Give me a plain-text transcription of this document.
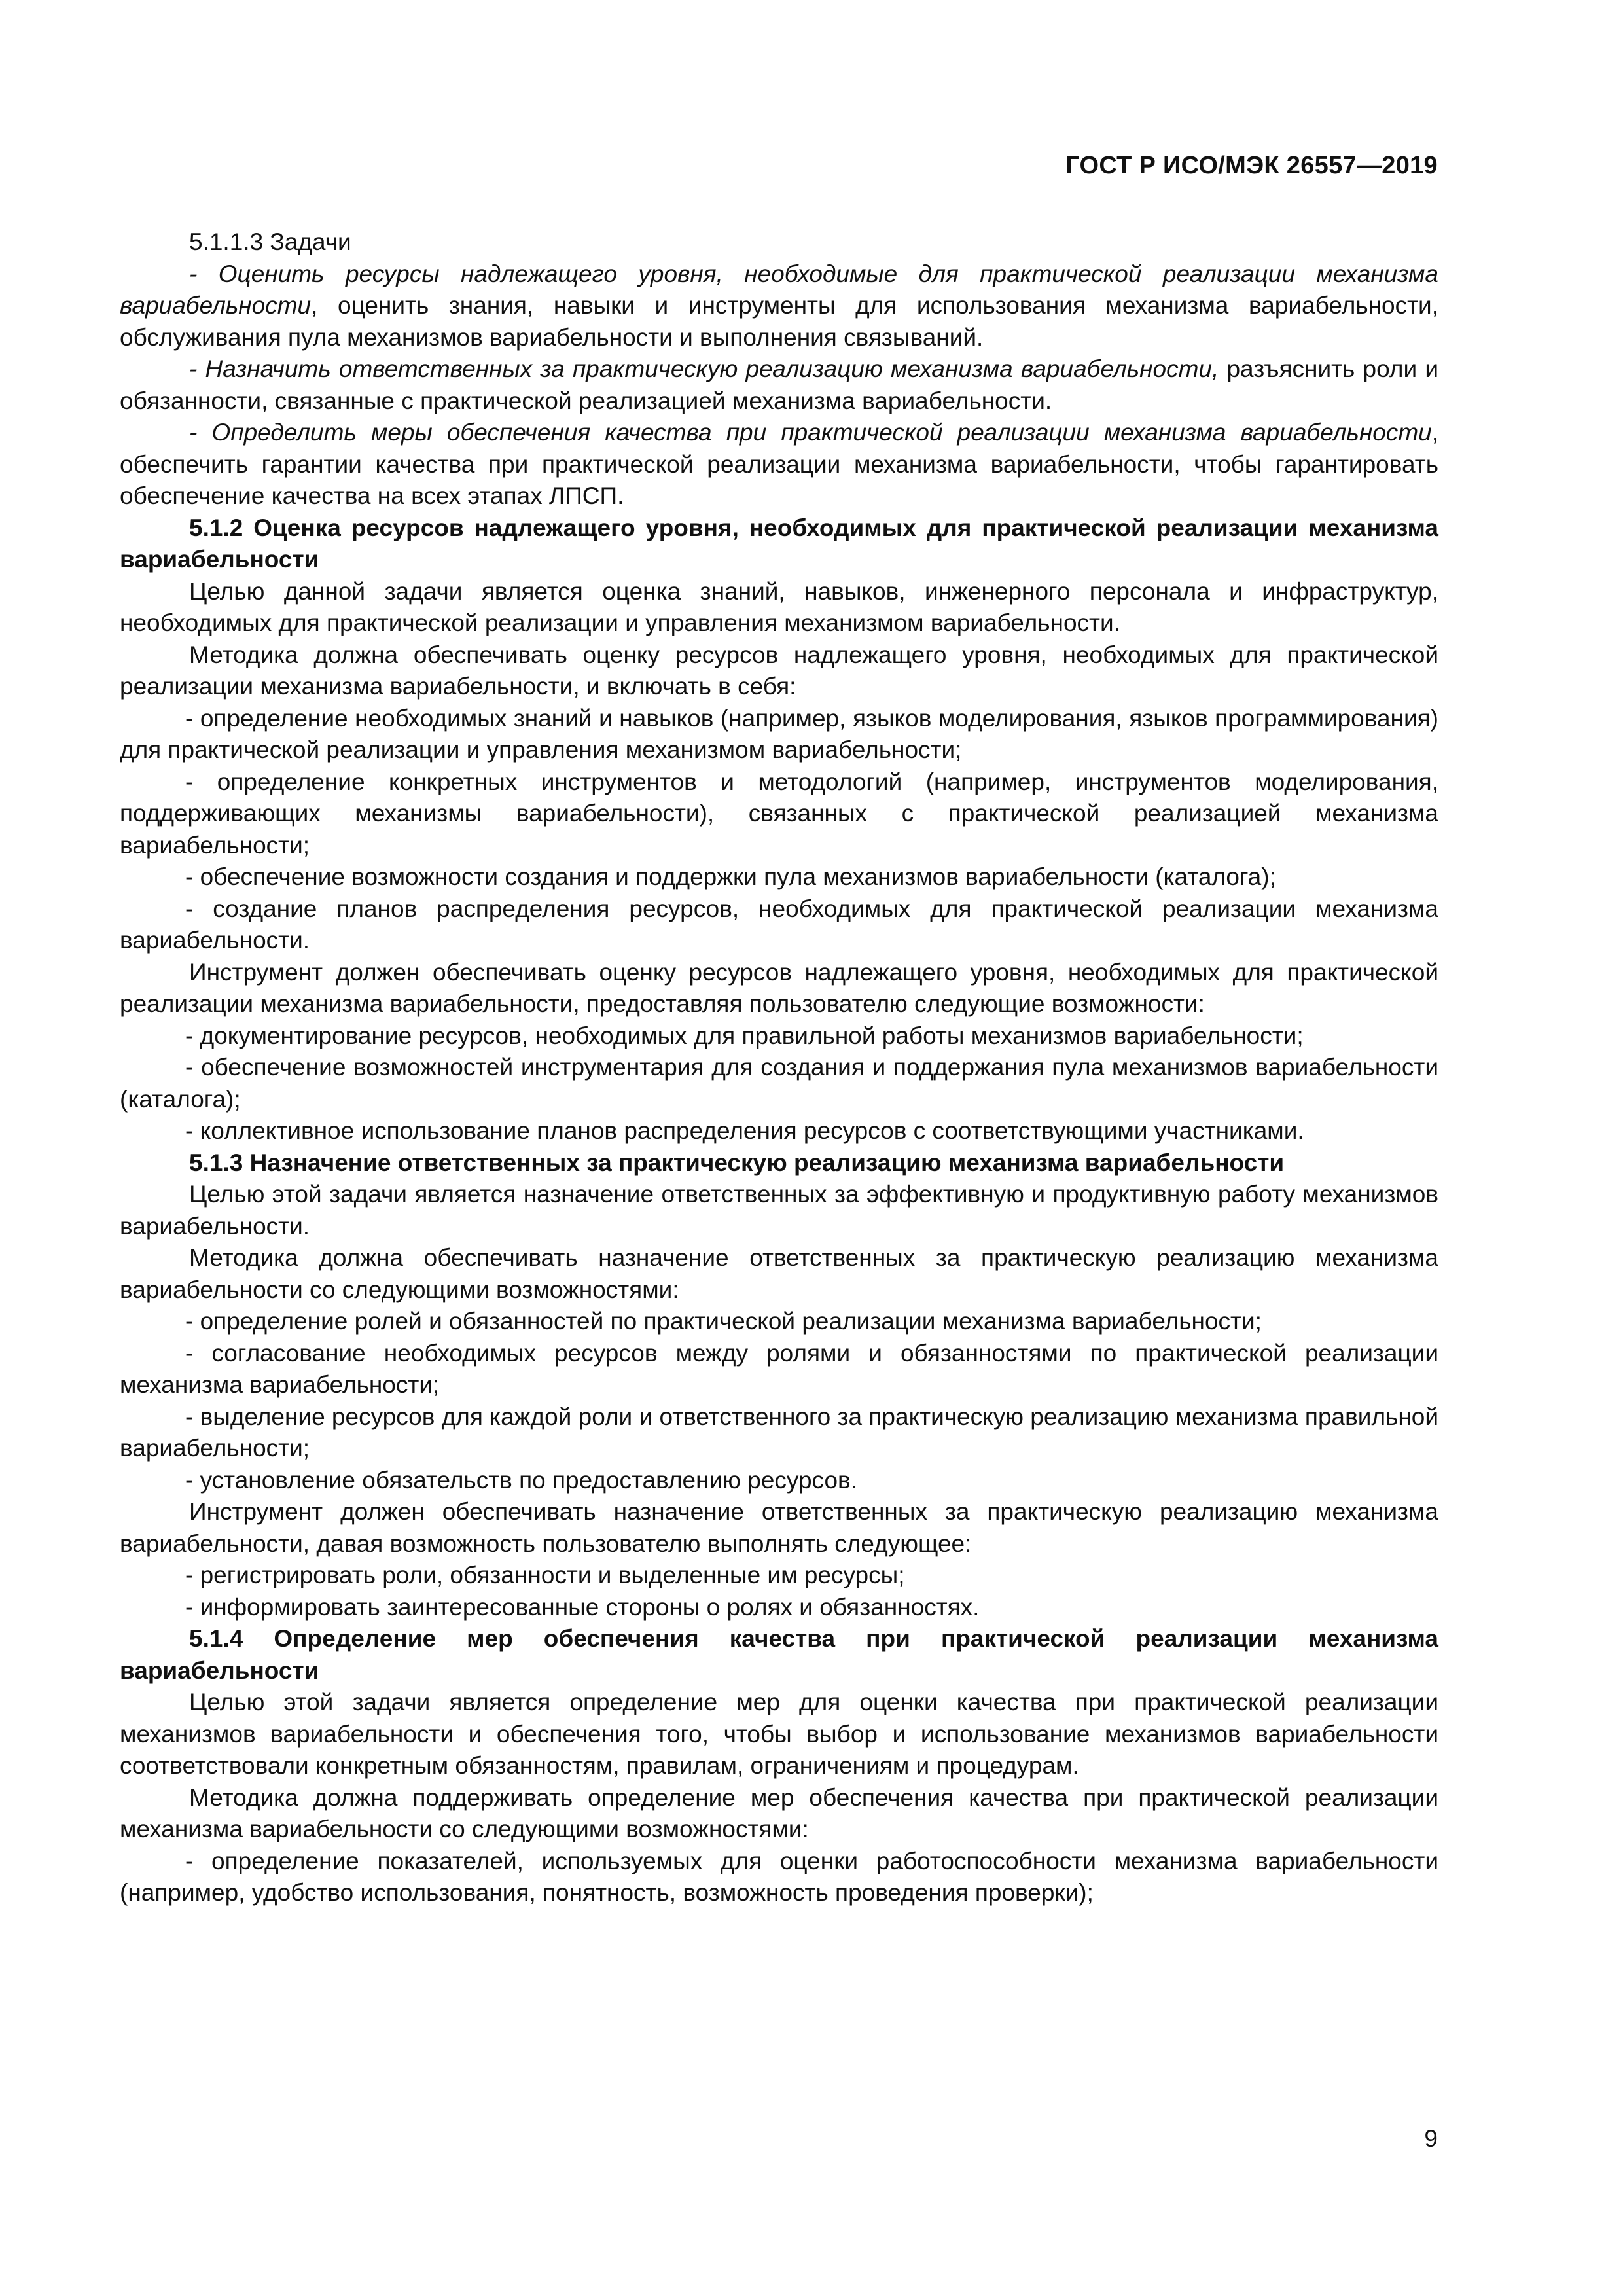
ГОСТ Р ИСО/МЭК 26557—2019

5.1.1.3 Задачи

- Оценить ресурсы надлежащего уровня, необходимые для практической реализации механизма вариабельности, оценить знания, навыки и инструменты для использования механизма вариабельности, обслуживания пула механизмов вариабельности и выполнения связываний.

- Назначить ответственных за практическую реализацию механизма вариабельности, разъяснить роли и обязанности, связанные с практической реализацией механизма вариабельности.

- Определить меры обеспечения качества при практической реализации механизма вариабельности, обеспечить гарантии качества при практической реализации механизма вариабельности, чтобы гарантировать обеспечение качества на всех этапах ЛПСП.

5.1.2 Оценка ресурсов надлежащего уровня, необходимых для практической реализации механизма вариабельности

Целью данной задачи является оценка знаний, навыков, инженерного персонала и инфраструктур, необходимых для практической реализации и управления механизмом вариабельности.

Методика должна обеспечивать оценку ресурсов надлежащего уровня, необходимых для практической реализации механизма вариабельности, и включать в себя:

- определение необходимых знаний и навыков (например, языков моделирования, языков программирования) для практической реализации и управления механизмом вариабельности;

- определение конкретных инструментов и методологий (например, инструментов моделирования, поддерживающих механизмы вариабельности), связанных с практической реализацией механизма вариабельности;

- обеспечение возможности создания и поддержки пула механизмов вариабельности (каталога);

- создание планов распределения ресурсов, необходимых для практической реализации механизма вариабельности.

Инструмент должен обеспечивать оценку ресурсов надлежащего уровня, необходимых для практической реализации механизма вариабельности, предоставляя пользователю следующие возможности:

- документирование ресурсов, необходимых для правильной работы механизмов вариабельности;

- обеспечение возможностей инструментария для создания и поддержания пула механизмов вариабельности (каталога);

- коллективное использование планов распределения ресурсов с соответствующими участниками.

5.1.3 Назначение ответственных за практическую реализацию механизма вариабельности

Целью этой задачи является назначение ответственных за эффективную и продуктивную работу механизмов вариабельности.

Методика должна обеспечивать назначение ответственных за практическую реализацию механизма вариабельности со следующими возможностями:

- определение ролей и обязанностей по практической реализации механизма вариабельности;

- согласование необходимых ресурсов между ролями и обязанностями по практической реализации механизма вариабельности;

- выделение ресурсов для каждой роли и ответственного за практическую реализацию механизма правильной вариабельности;

- установление обязательств по предоставлению ресурсов.

Инструмент должен обеспечивать назначение ответственных за практическую реализацию механизма вариабельности, давая возможность пользователю выполнять следующее:

- регистрировать роли, обязанности и выделенные им ресурсы;

- информировать заинтересованные стороны о ролях и обязанностях.

5.1.4 Определение мер обеспечения качества при практической реализации механизма вариабельности

Целью этой задачи является определение мер для оценки качества при практической реализации механизмов вариабельности и обеспечения того, чтобы выбор и использование механизмов вариабельности соответствовали конкретным обязанностям, правилам, ограничениям и процедурам.

Методика должна поддерживать определение мер обеспечения качества при практической реализации механизма вариабельности со следующими возможностями:

- определение показателей, используемых для оценки работоспособности механизма вариабельности (например, удобство использования, понятность, возможность проведения проверки);

9
